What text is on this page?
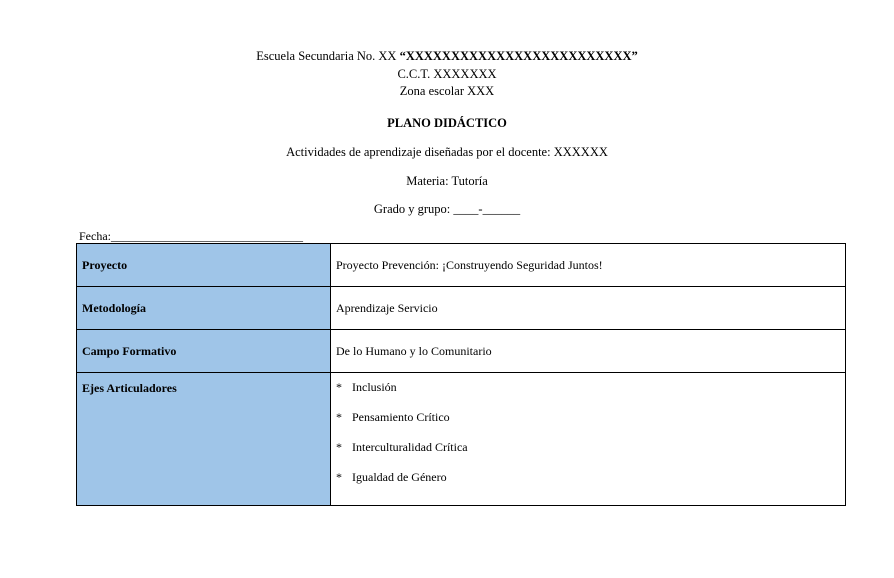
Escuela Secundaria No. XX “XXXXXXXXXXXXXXXXXXXXXXXXX”
C.C.T. XXXXXXX
Zona escolar XXX
PLANO DIDÁCTICO
Actividades de aprendizaje diseñadas por el docente: XXXXXX
Materia: Tutoría
Grado y grupo: ____-______
Fecha:________________________________
Proyecto	Proyecto Prevención: ¡Construyendo Seguridad Juntos!
Metodología	Aprendizaje Servicio
Campo Formativo	De lo Humano y lo Comunitario
Ejes Articuladores	* Inclusión
* Pensamiento Crítico
* Interculturalidad Crítica
* Igualdad de Género
